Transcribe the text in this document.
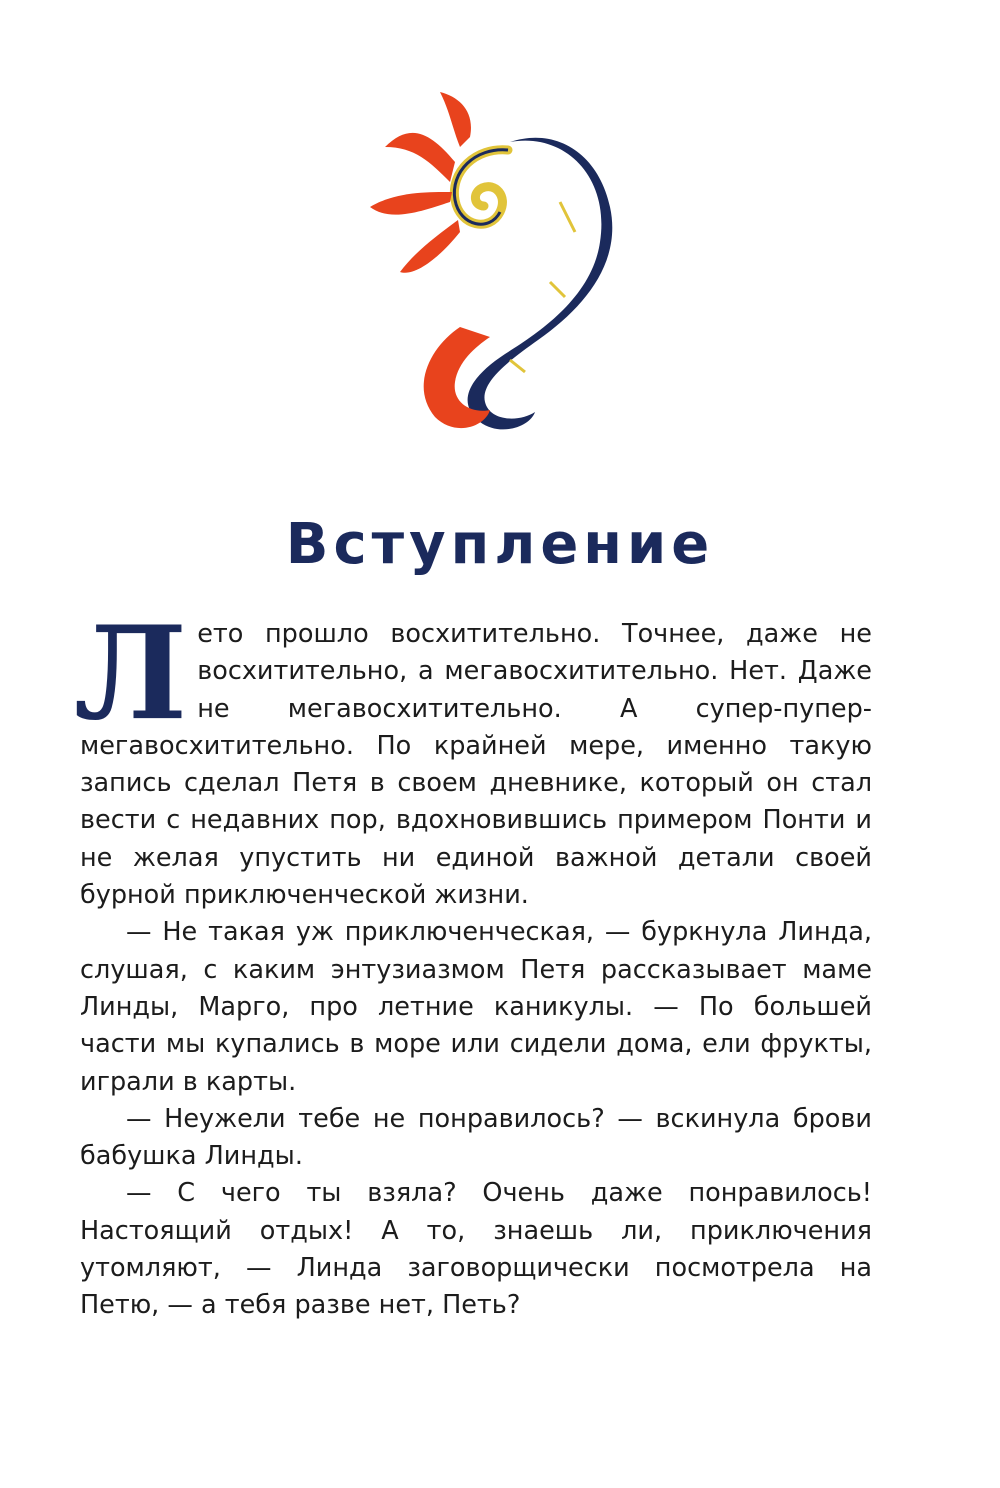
Вступление

Лето прошло восхитительно. Точнее, даже не восхитительно, а мегавосхитительно. Нет. Даже не мегавосхитительно. А супер-пупер-мегавосхитительно. По крайней мере, именно такую запись сделал Петя в своем дневнике, который он стал вести с недавних пор, вдохновившись примером Понти и не желая упустить ни единой важной детали своей бурной приключенческой жизни.

— Не такая уж приключенческая, — буркнула Линда, слушая, с каким энтузиазмом Петя рассказывает маме Линды, Марго, про летние каникулы. — По большей части мы купались в море или сидели дома, ели фрукты, играли в карты.

— Неужели тебе не понравилось? — вскинула брови бабушка Линды.

— С чего ты взяла? Очень даже понравилось! Настоящий отдых! А то, знаешь ли, приключения утомляют, — Линда заговорщически посмотрела на Петю, — а тебя разве нет, Петь?
